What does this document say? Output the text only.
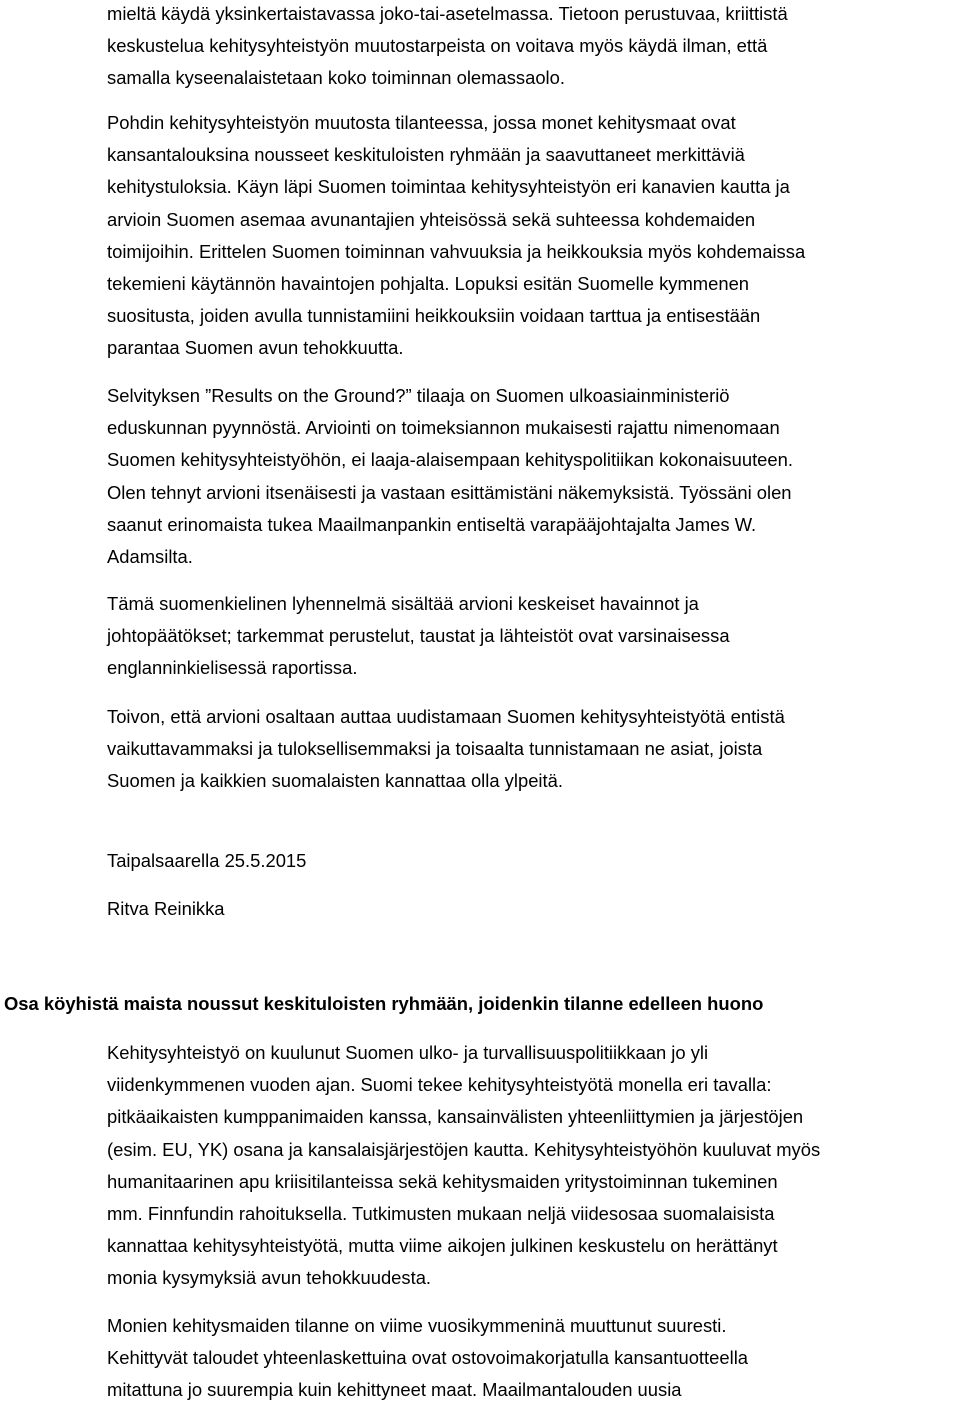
mieltä käydä yksinkertaistavassa joko-tai-asetelmassa. Tietoon perustuvaa, kriittistä
keskustelua kehitysyhteistyön muutostarpeista on voitava myös käydä ilman, että
samalla kyseenalaistetaan koko toiminnan olemassaolo.
Pohdin kehitysyhteistyön muutosta tilanteessa, jossa monet kehitysmaat ovat
kansantalouksina nousseet keskituloisten ryhmään ja saavuttaneet merkittäviä
kehitystuloksia. Käyn läpi Suomen toimintaa kehitysyhteistyön eri kanavien kautta ja
arvioin Suomen asemaa avunantajien yhteisössä sekä suhteessa kohdemaiden
toimijoihin. Erittelen Suomen toiminnan vahvuuksia ja heikkouksia myös kohdemaissa
tekemieni käytännön havaintojen pohjalta. Lopuksi esitän Suomelle kymmenen
suositusta, joiden avulla tunnistamiini heikkouksiin voidaan tarttua ja entisestään
parantaa Suomen avun tehokkuutta.
Selvityksen ”Results on the Ground?” tilaaja on Suomen ulkoasiainministeriö
eduskunnan pyynnöstä. Arviointi on toimeksiannon mukaisesti rajattu nimenomaan
Suomen kehitysyhteistyöhön, ei laaja-alaisempaan kehityspolitiikan kokonaisuuteen.
Olen tehnyt arvioni itsenäisesti ja vastaan esittämistäni näkemyksistä. Työssäni olen
saanut erinomaista tukea Maailmanpankin entiseltä varapääjohtajalta James W.
Adamsilta.
Tämä suomenkielinen lyhennelmä sisältää arvioni keskeiset havainnot ja
johtopäätökset; tarkemmat perustelut, taustat ja lähteistöt ovat varsinaisessa
englanninkielisessä raportissa.
Toivon, että arvioni osaltaan auttaa uudistamaan Suomen kehitysyhteistyötä entistä
vaikuttavammaksi ja tuloksellisemmaksi ja toisaalta tunnistamaan ne asiat, joista
Suomen ja kaikkien suomalaisten kannattaa olla ylpeitä.
Taipalsaarella 25.5.2015
Ritva Reinikka
Osa köyhistä maista noussut keskituloisten ryhmään, joidenkin tilanne edelleen huono
Kehitysyhteistyö on kuulunut Suomen ulko- ja turvallisuuspolitiikkaan jo yli
viidenkymmenen vuoden ajan. Suomi tekee kehitysyhteistyötä monella eri tavalla:
pitkäaikaisten kumppanimaiden kanssa, kansainvälisten yhteenliittymien ja järjestöjen
(esim. EU, YK) osana ja kansalaisjärjestöjen kautta. Kehitysyhteistyöhön kuuluvat myös
humanitaarinen apu kriisitilanteissa sekä kehitysmaiden yritystoiminnan tukeminen
mm. Finnfundin rahoituksella. Tutkimusten mukaan neljä viidesosaa suomalaisista
kannattaa kehitysyhteistyötä, mutta viime aikojen julkinen keskustelu on herättänyt
monia kysymyksiä avun tehokkuudesta.
Monien kehitysmaiden tilanne on viime vuosikymmeninä muuttunut suuresti.
Kehittyvät taloudet yhteenlaskettuina ovat ostovoimakorjatulla kansantuotteella
mitattuna jo suurempia kuin kehittyneet maat. Maailmantalouden uusia
